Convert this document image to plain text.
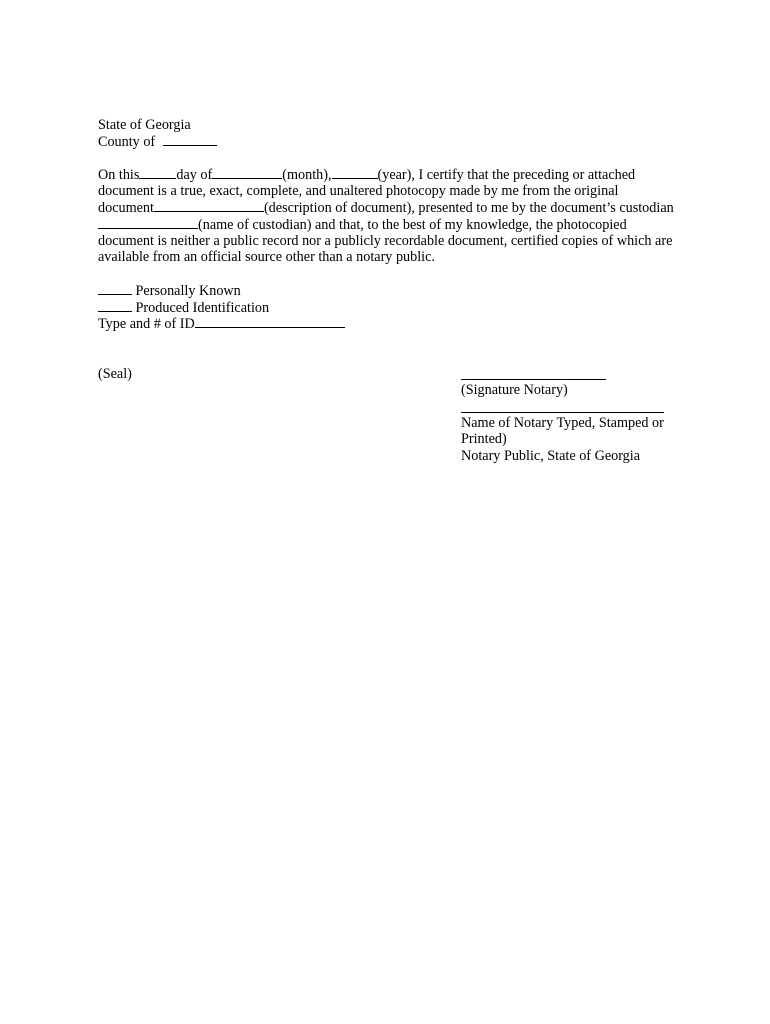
State of Georgia
County of
On this	day of	(month),	(year), I certify that the preceding or attached
document is a true, exact, complete, and unaltered photocopy made by me from the original
document	(description of document), presented to me by the document’s custodian
(name of custodian) and that, to the best of my knowledge, the photocopied
document is neither a public record nor a publicly recordable document, certified copies of which are
available from an official source other than a notary public.
Personally Known
Produced Identification
Type and # of ID
(Seal)
(Signature Notary)
Name of Notary Typed, Stamped or
Printed)
Notary Public, State of Georgia
